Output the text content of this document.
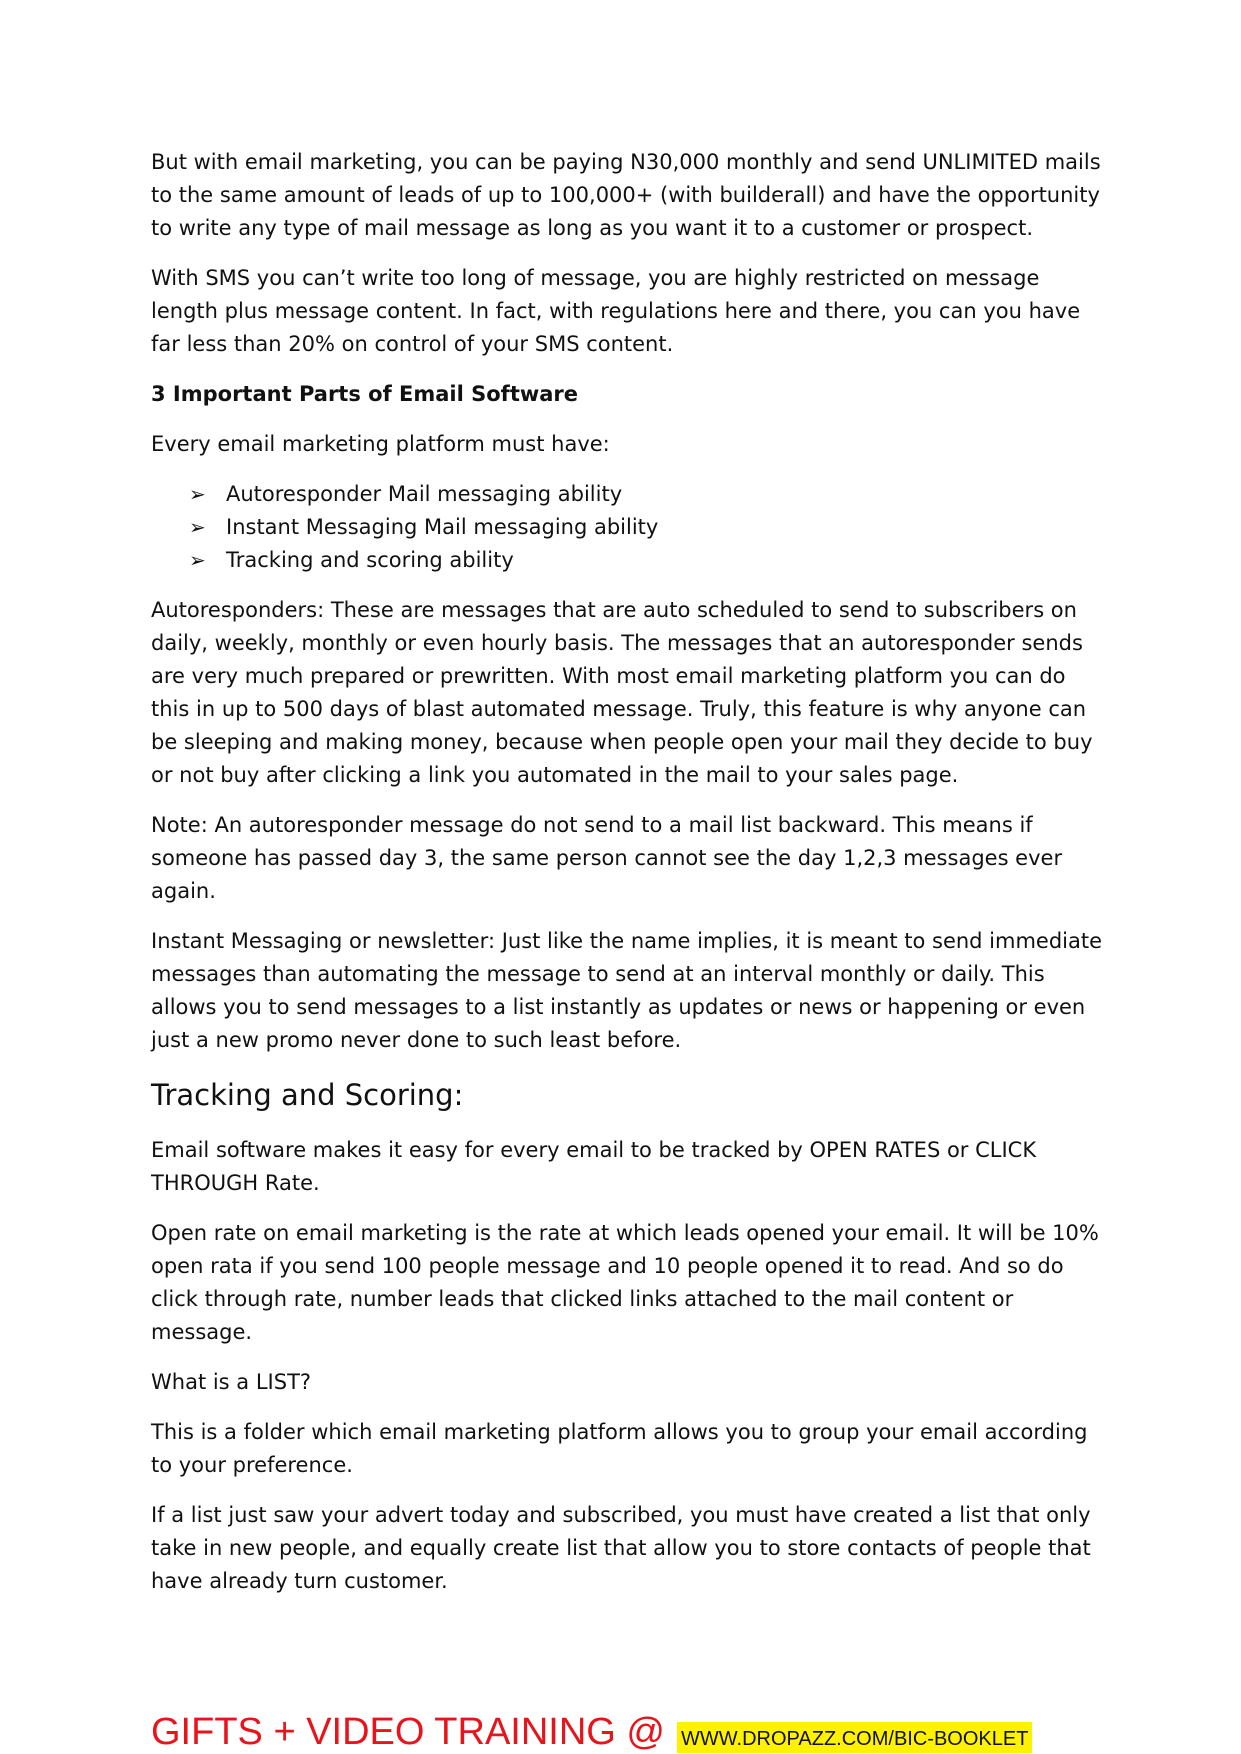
But with email marketing, you can be paying N30,000 monthly and send UNLIMITED mails to the same amount of leads of up to 100,000+ (with builderall) and have the opportunity to write any type of mail message as long as you want it to a customer or prospect.

With SMS you can’t write too long of message, you are highly restricted on message length plus message content. In fact, with regulations here and there, you can you have far less than 20% on control of your SMS content.

3 Important Parts of Email Software

Every email marketing platform must have:

➢ Autoresponder Mail messaging ability
➢ Instant Messaging Mail messaging ability
➢ Tracking and scoring ability

Autoresponders: These are messages that are auto scheduled to send to subscribers on daily, weekly, monthly or even hourly basis. The messages that an autoresponder sends are very much prepared or prewritten. With most email marketing platform you can do this in up to 500 days of blast automated message. Truly, this feature is why anyone can be sleeping and making money, because when people open your mail they decide to buy or not buy after clicking a link you automated in the mail to your sales page.

Note: An autoresponder message do not send to a mail list backward. This means if someone has passed day 3, the same person cannot see the day 1,2,3 messages ever again.

Instant Messaging or newsletter: Just like the name implies, it is meant to send immediate messages than automating the message to send at an interval monthly or daily. This allows you to send messages to a list instantly as updates or news or happening or even just a new promo never done to such least before.

Tracking and Scoring:

Email software makes it easy for every email to be tracked by OPEN RATES or CLICK THROUGH Rate.

Open rate on email marketing is the rate at which leads opened your email. It will be 10% open rata if you send 100 people message and 10 people opened it to read. And so do click through rate, number leads that clicked links attached to the mail content or message.

What is a LIST?

This is a folder which email marketing platform allows you to group your email according to your preference.

If a list just saw your advert today and subscribed, you must have created a list that only take in new people, and equally create list that allow you to store contacts of people that have already turn customer.

GIFTS + VIDEO TRAINING @ WWW.DROPAZZ.COM/BIC-BOOKLET
